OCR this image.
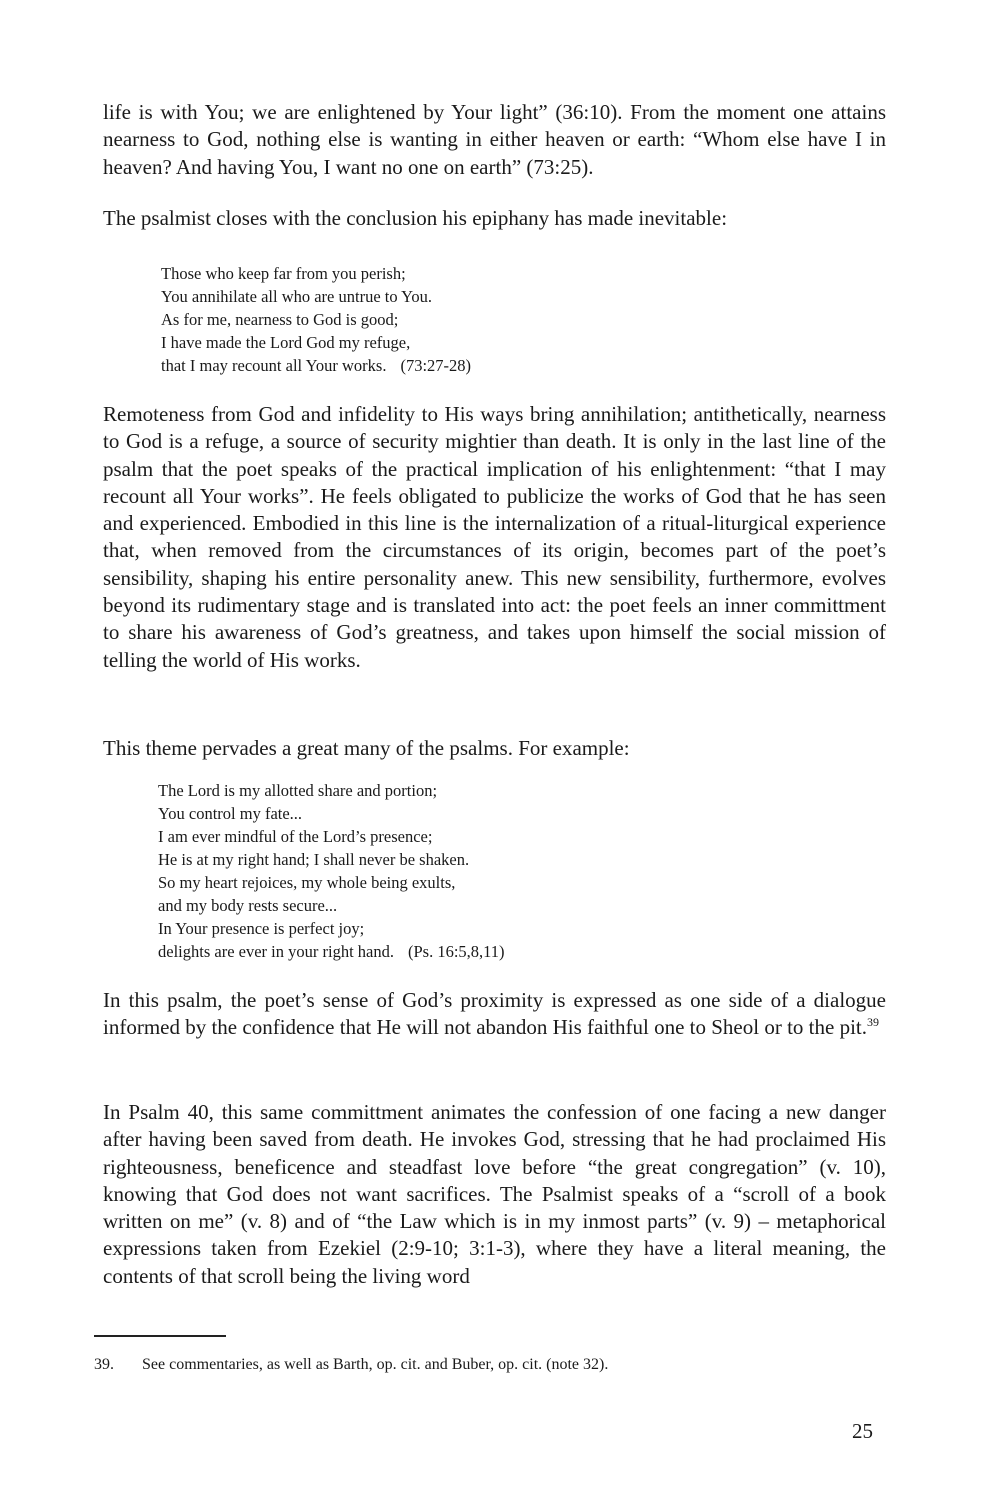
life is with You; we are enlightened by Your light” (36:10). From the moment one attains nearness to God, nothing else is wanting in either heaven or earth: “Whom else have I in heaven? And having You, I want no one on earth” (73:25).

The psalmist closes with the conclusion his epiphany has made inevitable:

Those who keep far from you perish;
You annihilate all who are untrue to You.
As for me, nearness to God is good;
I have made the Lord God my refuge,
that I may recount all Your works. (73:27-28)

Remoteness from God and infidelity to His ways bring annihilation; antithetically, nearness to God is a refuge, a source of security mightier than death. It is only in the last line of the psalm that the poet speaks of the practical implication of his enlightenment: “that I may recount all Your works”. He feels obligated to publicize the works of God that he has seen and experienced. Embodied in this line is the internalization of a ritual-liturgical experience that, when removed from the circumstances of its origin, becomes part of the poet’s sensibility, shaping his entire personality anew. This new sensibility, furthermore, evolves beyond its rudimentary stage and is translated into act: the poet feels an inner committment to share his awareness of God’s greatness, and takes upon himself the social mission of telling the world of His works.

This theme pervades a great many of the psalms. For example:

The Lord is my allotted share and portion;
You control my fate...
I am ever mindful of the Lord’s presence;
He is at my right hand; I shall never be shaken.
So my heart rejoices, my whole being exults,
and my body rests secure...
In Your presence is perfect joy;
delights are ever in your right hand. (Ps. 16:5,8,11)

In this psalm, the poet’s sense of God’s proximity is expressed as one side of a dialogue informed by the confidence that He will not abandon His faithful one to Sheol or to the pit.$^{39}$

In Psalm 40, this same committment animates the confession of one facing a new danger after having been saved from death. He invokes God, stressing that he had proclaimed His righteousness, beneficence and steadfast love before “the great congregation” (v. 10), knowing that God does not want sacrifices. The Psalmist speaks of a “scroll of a book written on me” (v. 8) and of “the Law which is in my inmost parts” (v. 9) – metaphorical expressions taken from Ezekiel (2:9-10; 3:1-3), where they have a literal meaning, the contents of that scroll being the living word

39. See commentaries, as well as Barth, op. cit. and Buber, op. cit. (note 32).
25
